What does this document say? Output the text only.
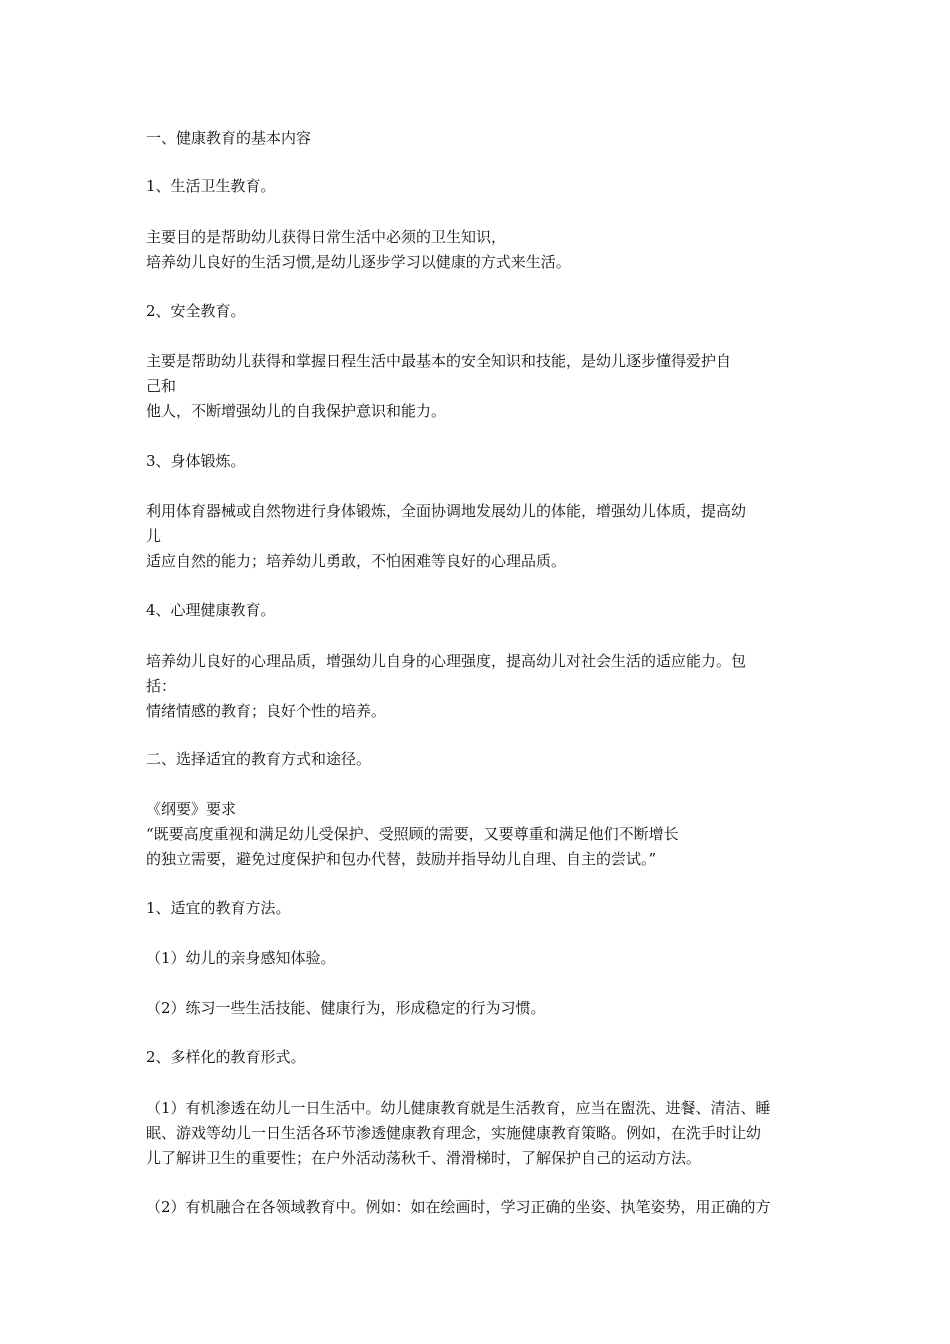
一、健康教育的基本内容
1、生活卫生教育。
主要目的是帮助幼儿获得日常生活中必须的卫生知识，
培养幼儿良好的生活习惯,是幼儿逐步学习以健康的方式来生活。
2、安全教育。
主要是帮助幼儿获得和掌握日程生活中最基本的安全知识和技能，是幼儿逐步懂得爱护自
己和
他人，不断增强幼儿的自我保护意识和能力。
3、身体锻炼。
利用体育器械或自然物进行身体锻炼，全面协调地发展幼儿的体能，增强幼儿体质，提高幼
儿
适应自然的能力；培养幼儿勇敢，不怕困难等良好的心理品质。
4、心理健康教育。
培养幼儿良好的心理品质，增强幼儿自身的心理强度，提高幼儿对社会生活的适应能力。包
括：
情绪情感的教育；良好个性的培养。
二、选择适宜的教育方式和途径。
《纲要》要求
“既要高度重视和满足幼儿受保护、受照顾的需要，又要尊重和满足他们不断增长
的独立需要，避免过度保护和包办代替，鼓励并指导幼儿自理、自主的尝试。”
1、适宜的教育方法。
（1）幼儿的亲身感知体验。
（2）练习一些生活技能、健康行为，形成稳定的行为习惯。
2、多样化的教育形式。
（1）有机渗透在幼儿一日生活中。幼儿健康教育就是生活教育，应当在盥洗、进餐、清洁、睡
眠、游戏等幼儿一日生活各环节渗透健康教育理念，实施健康教育策略。例如，在洗手时让幼
儿了解讲卫生的重要性；在户外活动荡秋千、滑滑梯时，了解保护自己的运动方法。
（2）有机融合在各领域教育中。例如：如在绘画时，学习正确的坐姿、执笔姿势，用正确的方
